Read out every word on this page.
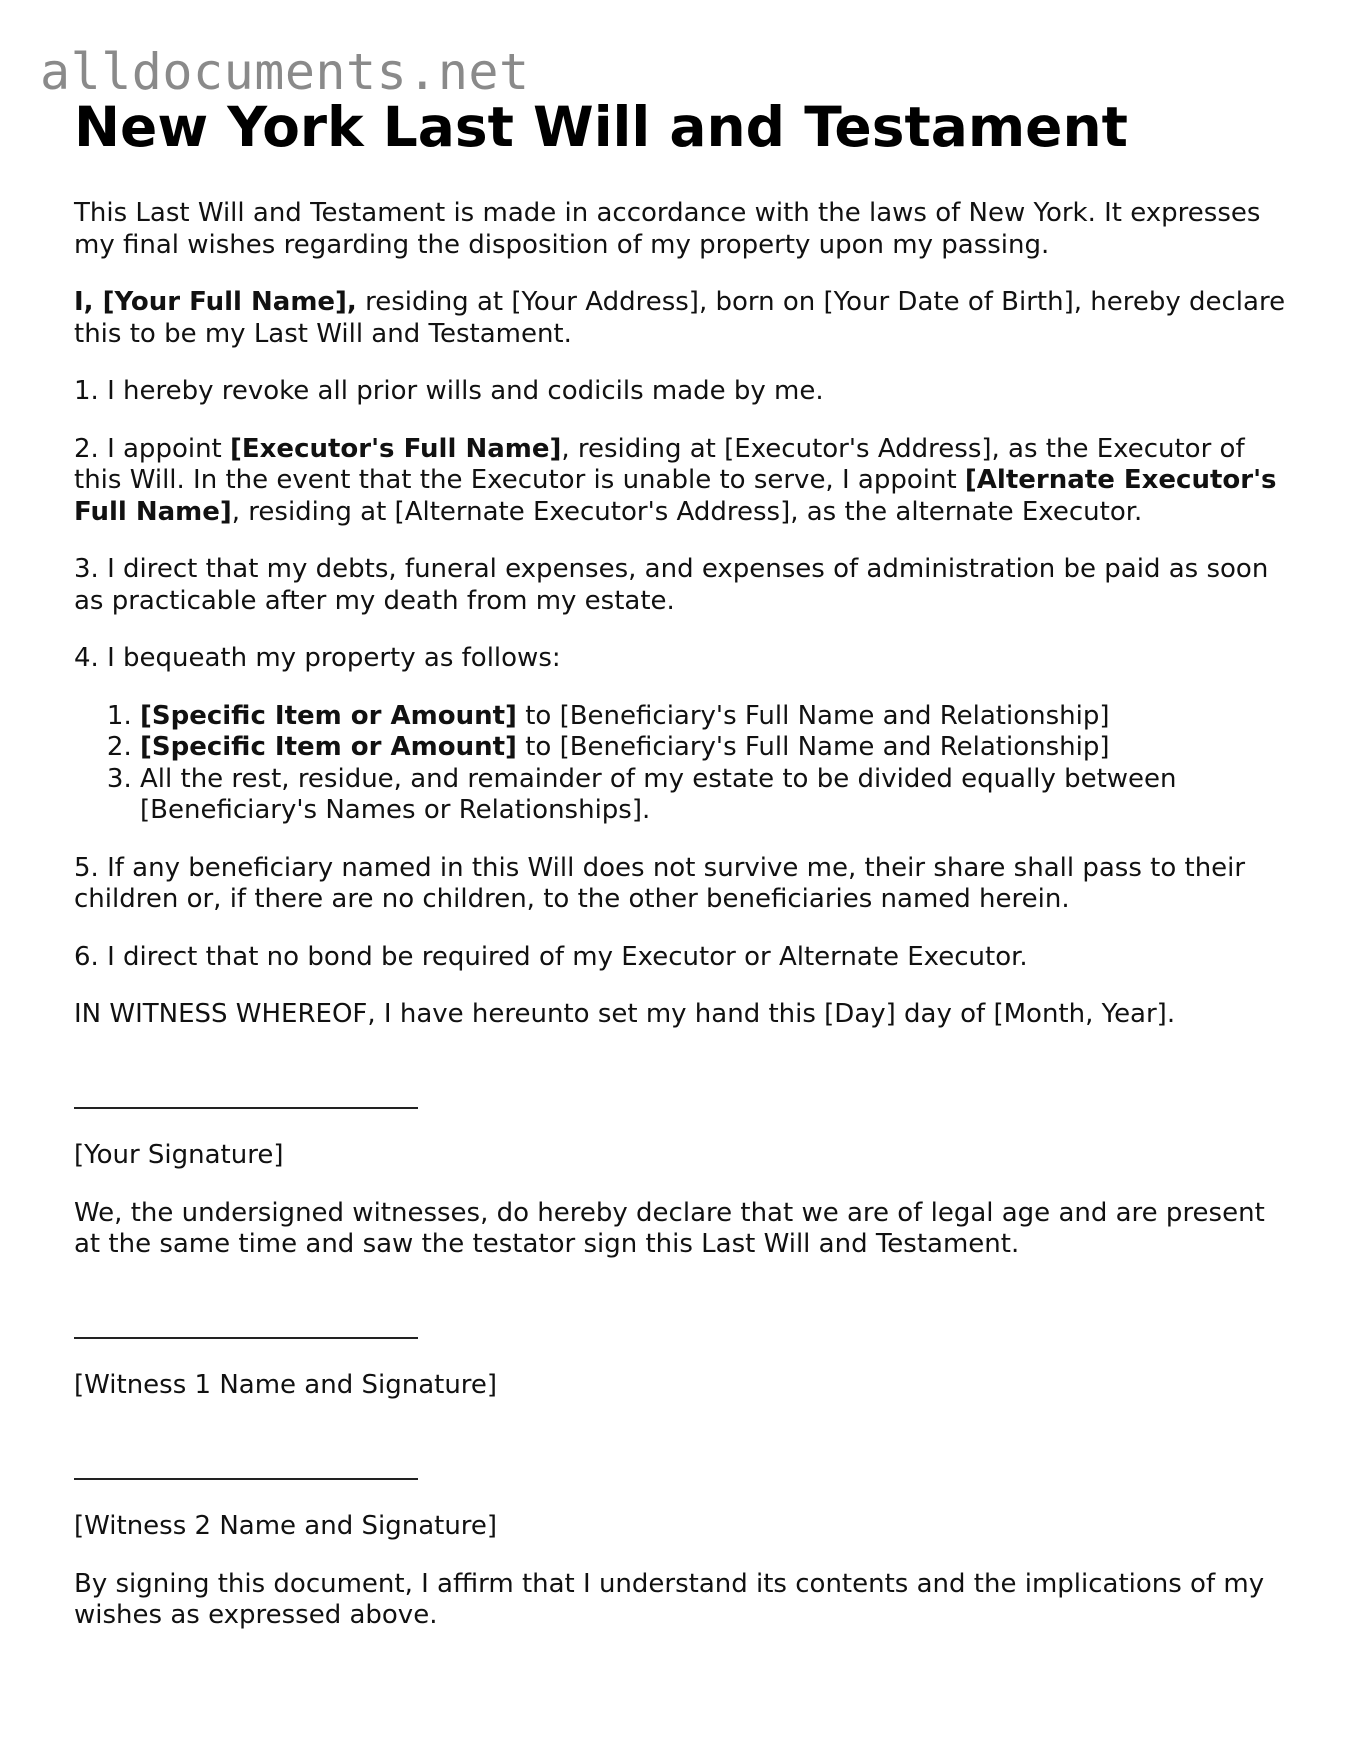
alldocuments.net
New York Last Will and Testament

This Last Will and Testament is made in accordance with the laws of New York. It expresses my final wishes regarding the disposition of my property upon my passing.

I, [Your Full Name], residing at [Your Address], born on [Your Date of Birth], hereby declare this to be my Last Will and Testament.

1. I hereby revoke all prior wills and codicils made by me.

2. I appoint [Executor's Full Name], residing at [Executor's Address], as the Executor of this Will. In the event that the Executor is unable to serve, I appoint [Alternate Executor's Full Name], residing at [Alternate Executor's Address], as the alternate Executor.

3. I direct that my debts, funeral expenses, and expenses of administration be paid as soon as practicable after my death from my estate.

4. I bequeath my property as follows:

1. [Specific Item or Amount] to [Beneficiary's Full Name and Relationship]
2. [Specific Item or Amount] to [Beneficiary's Full Name and Relationship]
3. All the rest, residue, and remainder of my estate to be divided equally between [Beneficiary's Names or Relationships].

5. If any beneficiary named in this Will does not survive me, their share shall pass to their children or, if there are no children, to the other beneficiaries named herein.

6. I direct that no bond be required of my Executor or Alternate Executor.

IN WITNESS WHEREOF, I have hereunto set my hand this [Day] day of [Month, Year].

[Your Signature]

We, the undersigned witnesses, do hereby declare that we are of legal age and are present at the same time and saw the testator sign this Last Will and Testament.

[Witness 1 Name and Signature]

[Witness 2 Name and Signature]

By signing this document, I affirm that I understand its contents and the implications of my wishes as expressed above.
